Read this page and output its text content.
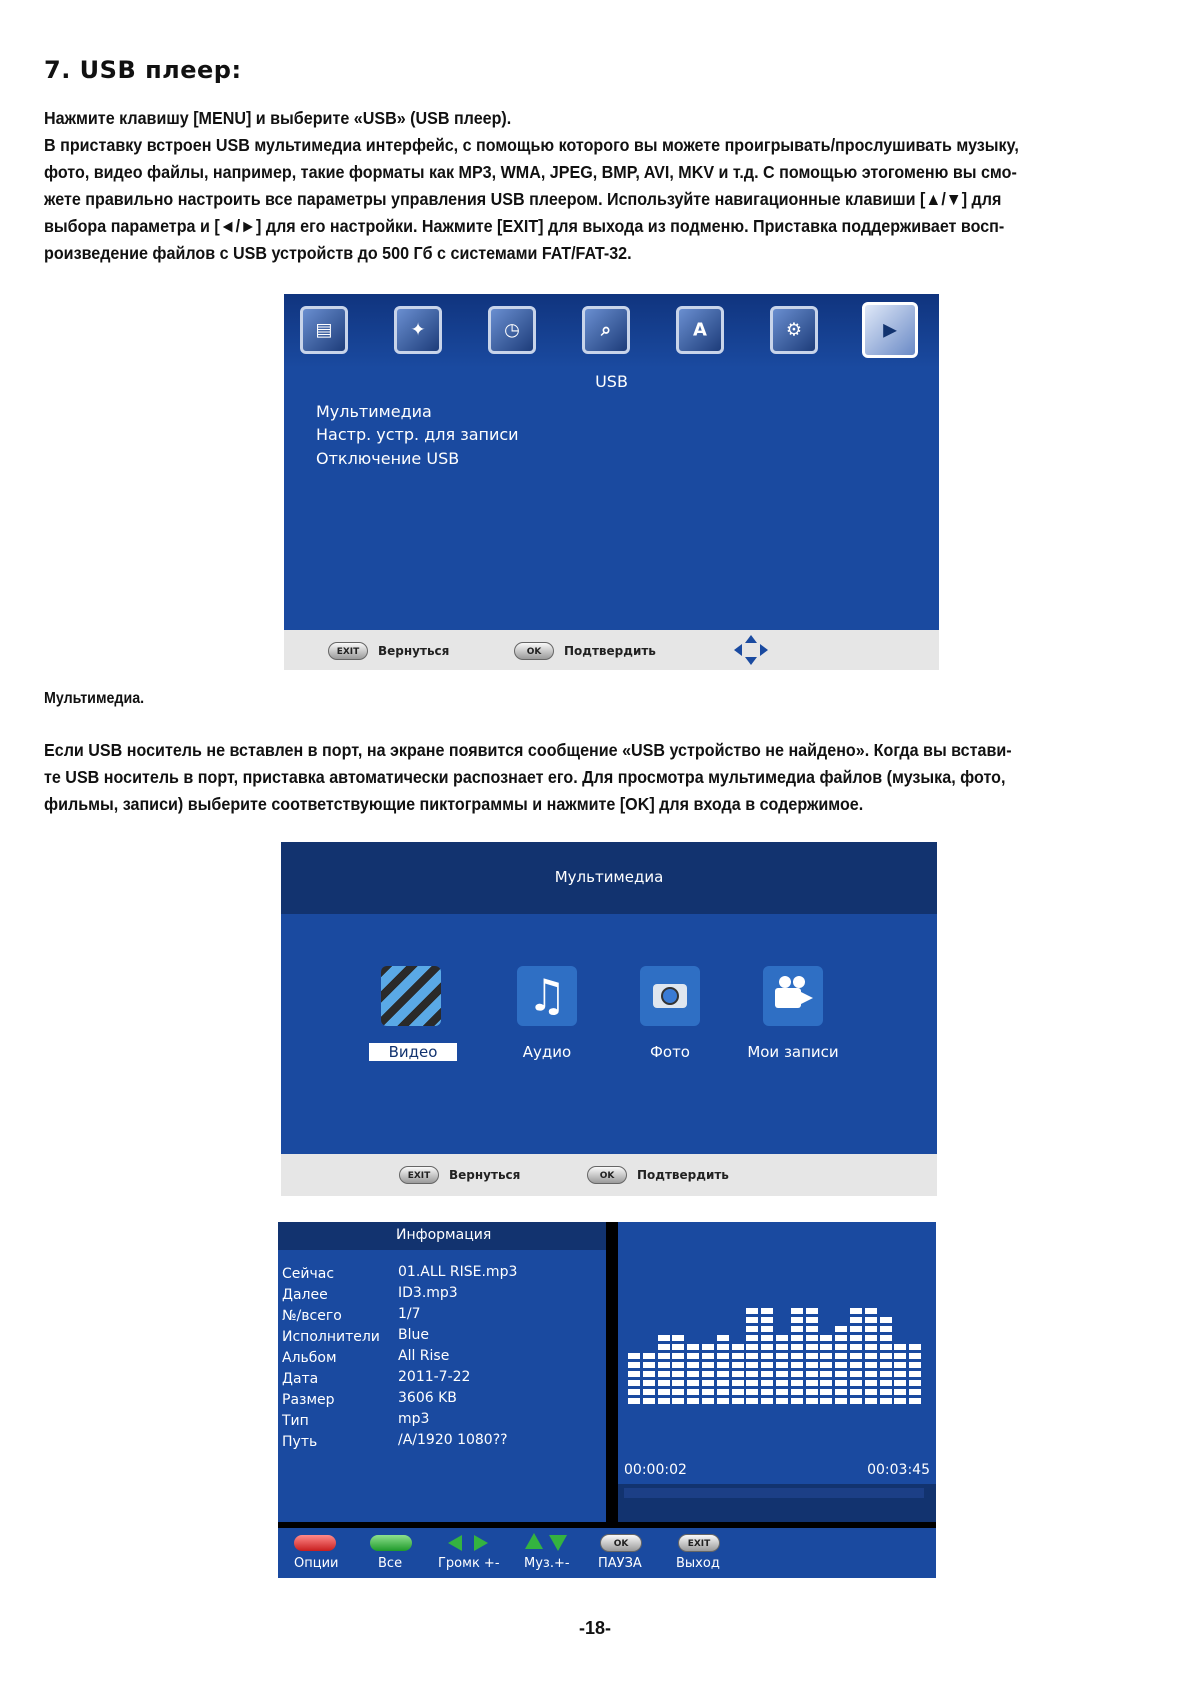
7. USB плеер:
Нажмите клавишу [MENU] и выберите «USB» (USB плеер).
В приставку встроен USB мультимедиа интерфейс, с помощью которого вы можете проигрывать/прослушивать музыку,
фото, видео файлы, например, такие форматы как MP3, WMA, JPEG, BMP, AVI, MKV и т.д. С помощью этогоменю вы смо-
жете правильно настроить все параметры управления USB плеером. Используйте навигационные клавиши [▲/▼] для
выбора параметра и [◄/►] для его настройки. Нажмите [EXIT] для выхода из подменю. Приставка поддерживает восп-
роизведение файлов с USB устройств до 500 Гб с системами FAT/FAT-32.
▤	✦	◷	⌕	A	⚙	▶
USB
Мультимедиа
Настр. устр. для записи
Отключение USB
EXIT	Вернуться	OK	Подтвердить
Мультимедиа.
Если USB носитель не вставлен в порт, на экране появится сообщение «USB устройство не найдено». Когда вы встави-
те USB носитель в порт, приставка автоматически распознает его. Для просмотра мультимедиа файлов (музыка, фото,
фильмы, записи) выберите соответствующие пиктограммы и нажмите [OK] для входа в содержимое.
Мультимедиа
♫
Видео	Аудио	Фото	Мои записи
EXIT	Вернуться	OK	Подтвердить
Информация
Сейчас	01.ALL RISE.mp3
Далее	ID3.mp3
№/всего	1/7
Исполнители Blue
Альбом	All Rise
Дата	2011-7-22
Размер	3606 KB
Тип	mp3
Путь	/A/1920 1080??
00:00:02	00:03:45
Опции	Все	Громк +- Муз.+-
OK
ПАУЗА
EXIT
Выход
-18-
